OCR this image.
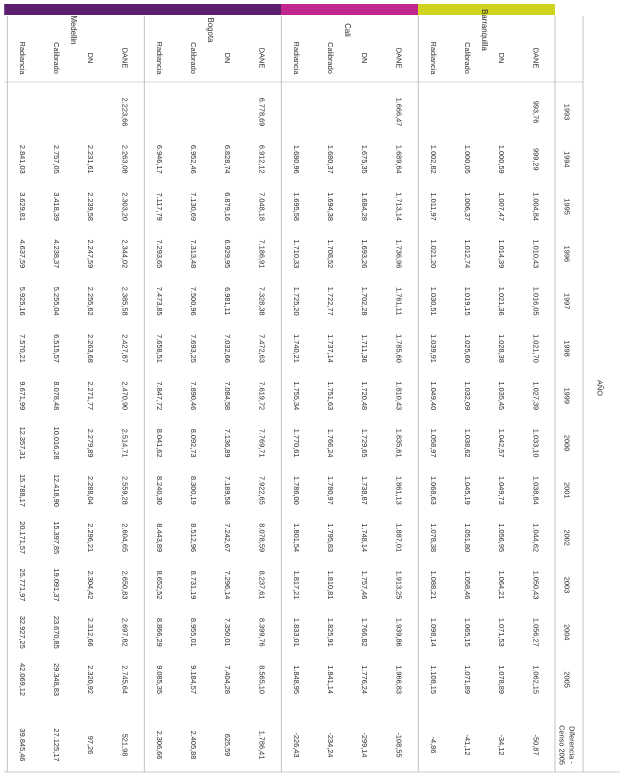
AÑO
1993
1994
1995
1996
1997
1998
1999
2000
2001
2002
2003
2004
2005
Diferencia -
Censo 2005
Barranquilla
DANE
993,76
999,29
1.004,84
1.010,43
1.016,05
1.021,70
1.027,39
1.033,10
1.038,84
1.044,62
1.050,43
1.056,27
1.062,15
-50,87
DN
1.000,59
1.007,47
1.014,39
1.021,36
1.028,38
1.035,45
1.042,57
1.049,73
1.056,95
1.064,21
1.071,53
1.078,89
-34,12
Calibrado
1.000,05
1.006,37
1.012,74
1.019,15
1.025,60
1.032,09
1.038,62
1.045,19
1.051,80
1.058,46
1.065,15
1.071,89
-41,12
Radiancia
1.002,82
1.011,97
1.021,20
1.030,51
1.039,91
1.049,40
1.058,97
1.068,63
1.078,38
1.088,21
1.098,14
1.108,15
-4,86
Cali
DANE
1.666,47
1.689,64
1.713,14
1.736,96
1.761,11
1.785,60
1.810,43
1.835,61
1.861,13
1.887,01
1.913,25
1.939,86
1.966,83
-108,55
DN
1.675,35
1.684,28
1.693,26
1.702,28
1.711,36
1.720,48
1.729,65
1.738,87
1.748,14
1.757,46
1.766,82
1.776,24
-299,14
Calibrado
1.680,37
1.694,38
1.708,52
1.722,77
1.737,14
1.751,63
1.766,24
1.780,97
1.795,83
1.810,81
1.825,91
1.841,14
-234,24
Radiancia
1.680,96
1.695,58
1.710,33
1.725,20
1.740,21
1.755,34
1.770,61
1.786,00
1.801,54
1.817,21
1.833,01
1.848,95
-226,43
Bogota
DANE
6.778,69
6.912,12
7.048,18
7.186,91
7.328,38
7.472,63
7.619,72
7.769,71
7.922,65
8.078,59
8.237,61
8.399,76
8.565,10
1.786,41
DN
6.828,74
6.879,16
6.929,95
6.981,11
7.032,66
7.084,58
7.136,89
7.189,58
7.242,67
7.296,14
7.350,01
7.404,28
625,59
Calibrado
6.952,46
7.130,69
7.313,48
7.500,96
7.693,25
7.890,46
8.092,73
8.300,19
8.512,96
8.731,19
8.955,01
9.184,57
2.405,88
Radiancia
6.946,17
7.117,79
7.293,65
7.473,85
7.658,51
7.847,72
8.041,62
8.240,30
8.443,89
8.652,52
8.866,29
9.085,35
2.306,66
Medellin
DANE
2.223,66
2.263,08
2.303,20
2.344,02
2.385,58
2.427,87
2.470,90
2.514,71
2.559,28
2.604,65
2.650,83
2.697,82
2.745,64
521,98
DN
2.231,61
2.239,58
2.247,59
2.255,62
2.263,68
2.271,77
2.279,89
2.288,04
2.296,21
2.304,42
2.312,66
2.320,92
97,26
Calibrado
2.757,05
3.418,39
4.238,37
5.255,04
6.515,57
8.078,48
10.016,28
12.418,90
15.397,85
19.091,37
23.670,85
29.348,83
27.125,17
Radiancia
2.841,03
3.629,81
4.637,59
5.925,16
7.570,21
9.671,99
12.357,31
15.788,17
20.171,57
25.771,97
32.927,25
42.069,12
39.845,46
